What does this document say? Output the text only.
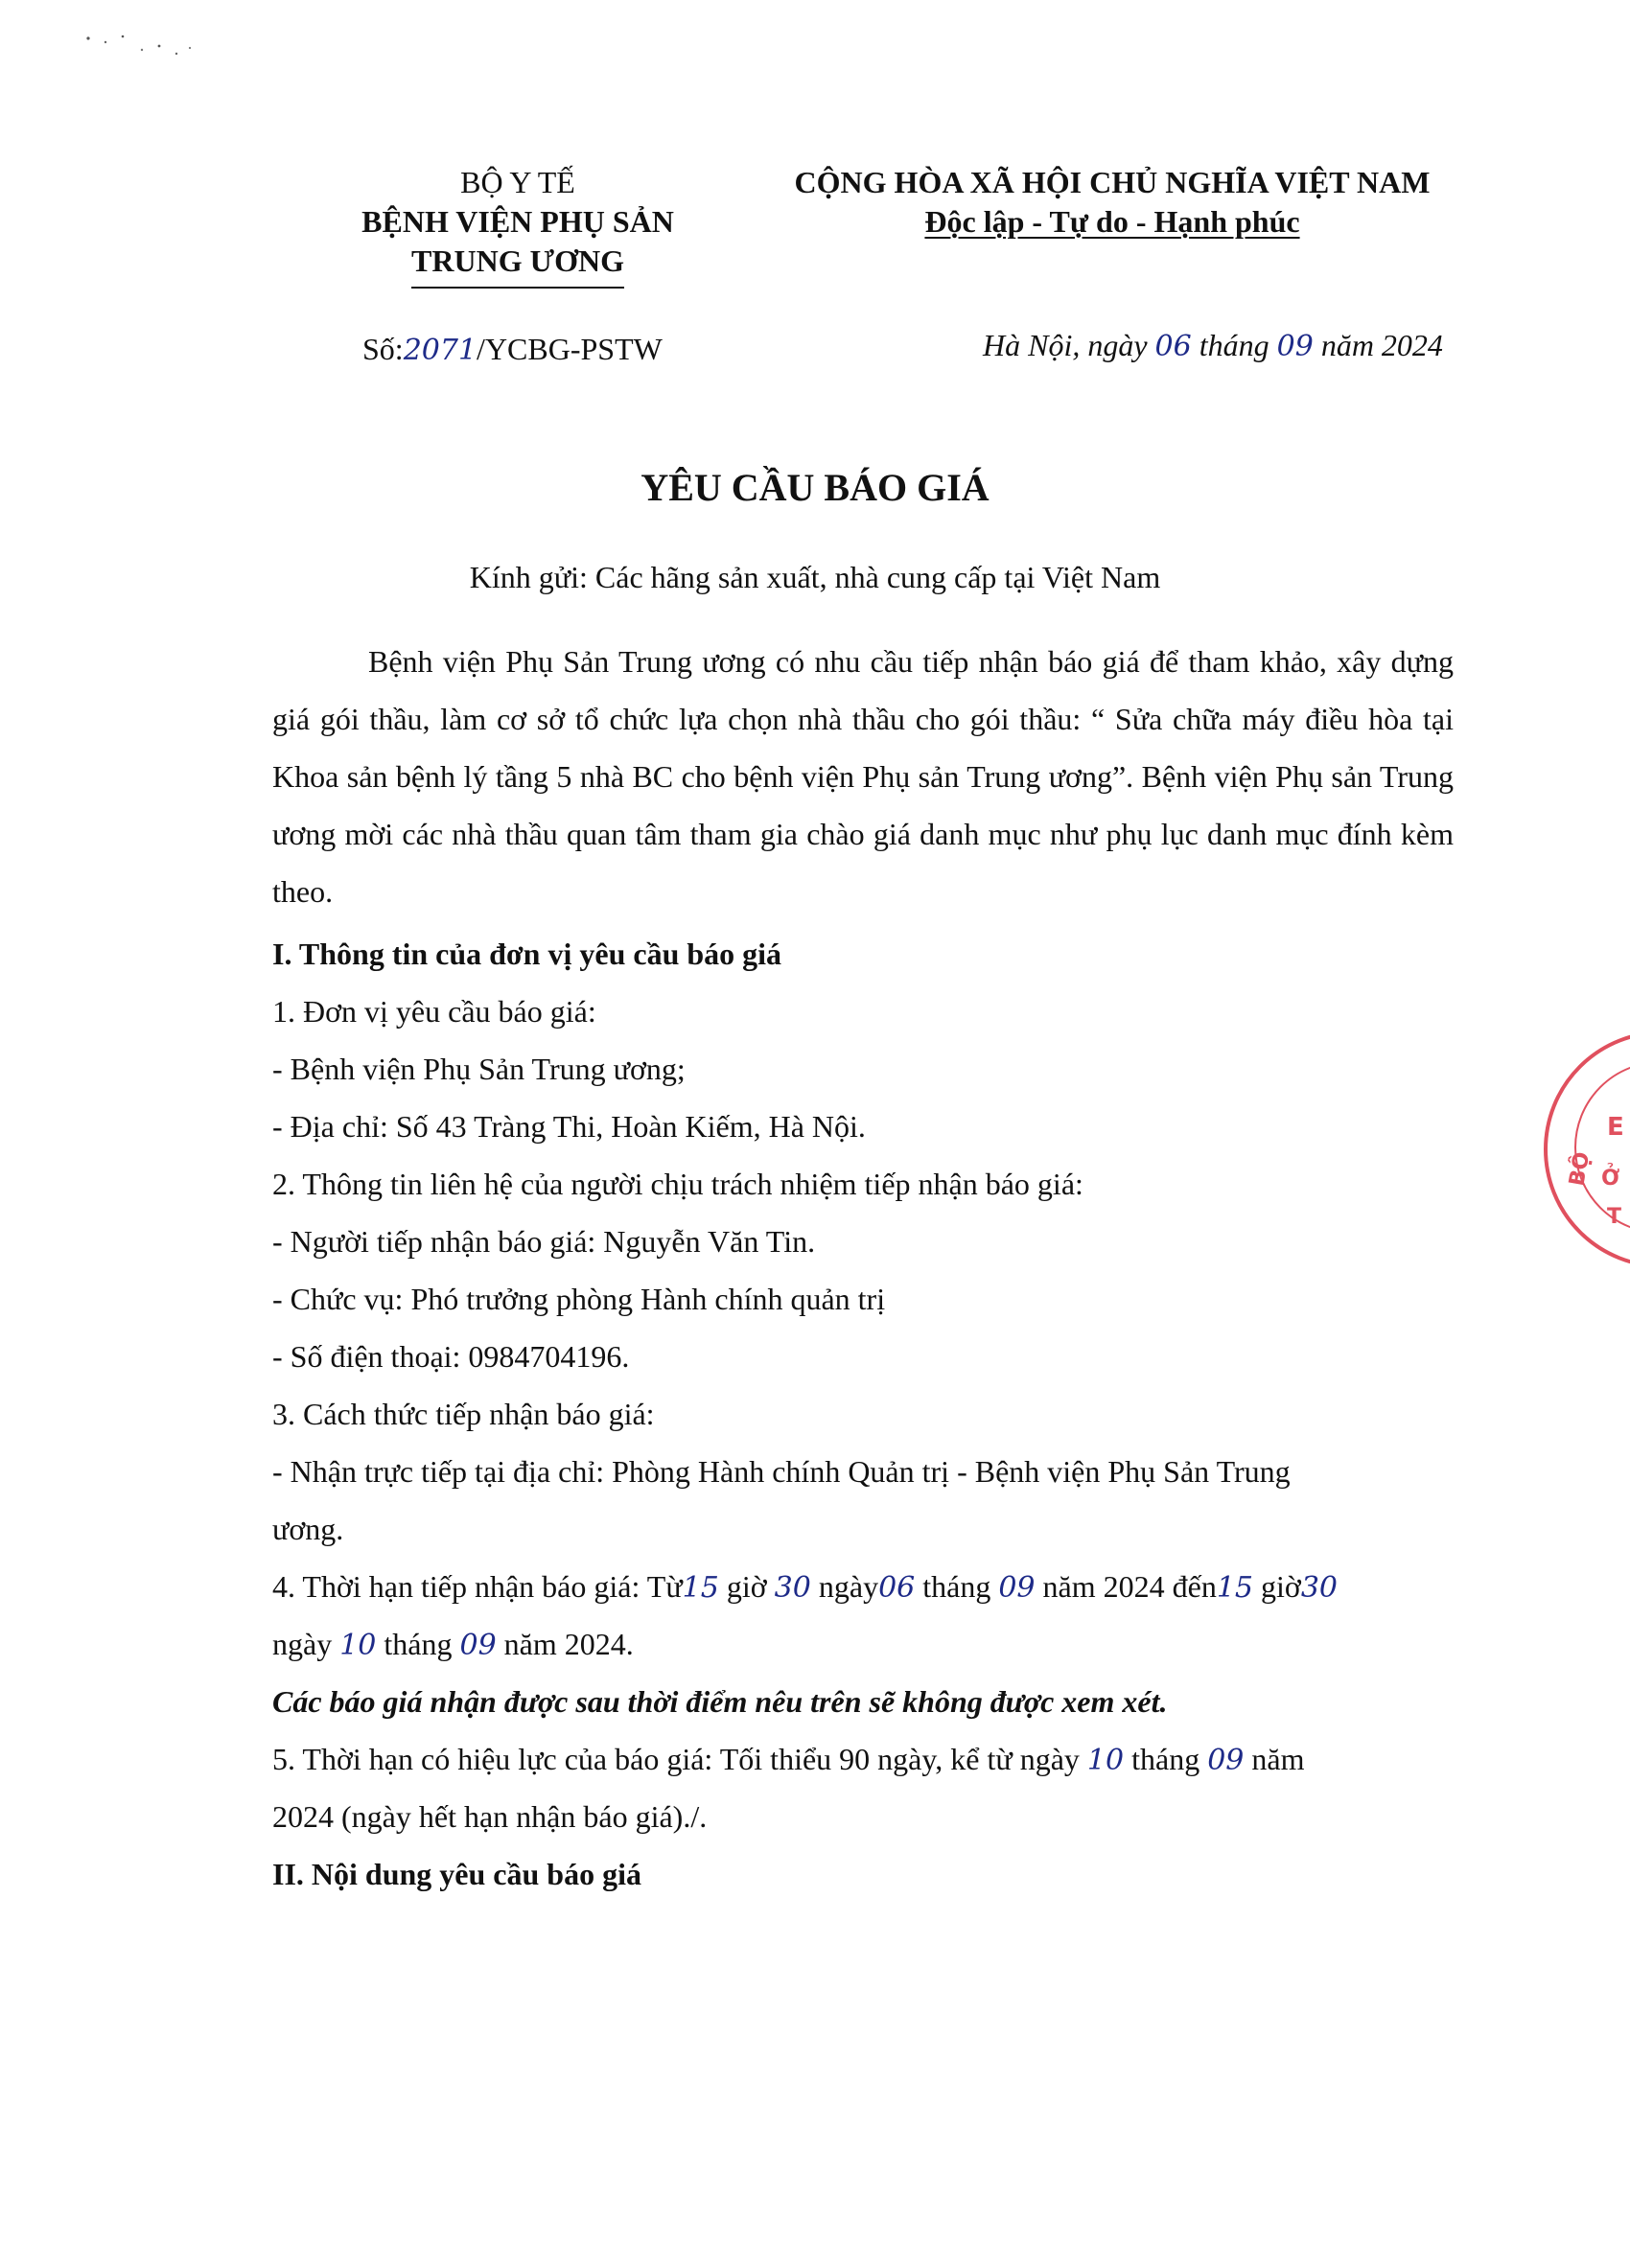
BỘ Y TẾ
BỆNH VIỆN PHỤ SẢN
TRUNG ƯƠNG
CỘNG HÒA XÃ HỘI CHỦ NGHĨA VIỆT NAM
Độc lập - Tự do - Hạnh phúc
Số:2071/YCBG-PSTW	Hà Nội, ngày 06 tháng 09 năm 2024
YÊU CẦU BÁO GIÁ
Kính gửi: Các hãng sản xuất, nhà cung cấp tại Việt Nam

Bệnh viện Phụ Sản Trung ương có nhu cầu tiếp nhận báo giá để tham khảo, xây dựng giá gói thầu, làm cơ sở tổ chức lựa chọn nhà thầu cho gói thầu: “ Sửa chữa máy điều hòa tại Khoa sản bệnh lý tầng 5 nhà BC cho bệnh viện Phụ sản Trung ương”. Bệnh viện Phụ sản Trung ương mời các nhà thầu quan tâm tham gia chào giá danh mục như phụ lục danh mục đính kèm theo.

I. Thông tin của đơn vị yêu cầu báo giá
1. Đơn vị yêu cầu báo giá:
- Bệnh viện Phụ Sản Trung ương;
- Địa chỉ: Số 43 Tràng Thi, Hoàn Kiếm, Hà Nội.
2. Thông tin liên hệ của người chịu trách nhiệm tiếp nhận báo giá:
- Người tiếp nhận báo giá: Nguyễn Văn Tin.
- Chức vụ: Phó trưởng phòng Hành chính quản trị
- Số điện thoại: 0984704196.
3. Cách thức tiếp nhận báo giá:
- Nhận trực tiếp tại địa chỉ: Phòng Hành chính Quản trị - Bệnh viện Phụ Sản Trung
ương.
4. Thời hạn tiếp nhận báo giá: Từ15 giờ 30 ngày06 tháng 09 năm 2024 đến15 giờ30
ngày 10 tháng 09 năm 2024.
Các báo giá nhận được sau thời điểm nêu trên sẽ không được xem xét.
5. Thời hạn có hiệu lực của báo giá: Tối thiểu 90 ngày, kể từ ngày 10 tháng 09 năm
2024 (ngày hết hạn nhận báo giá)./.
II. Nội dung yêu cầu báo giá
E
BỘ Ở
T
